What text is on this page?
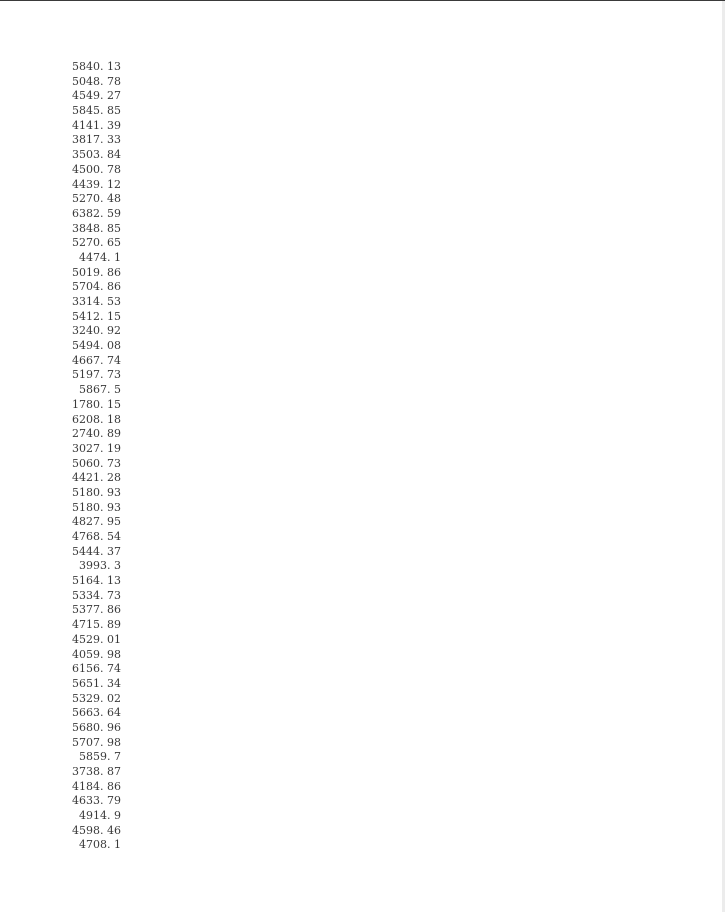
5840. 13
5048. 78
4549. 27
5845. 85
4141. 39
3817. 33
3503. 84
4500. 78
4439. 12
5270. 48
6382. 59
3848. 85
5270. 65
4474. 1
5019. 86
5704. 86
3314. 53
5412. 15
3240. 92
5494. 08
4667. 74
5197. 73
5867. 5
1780. 15
6208. 18
2740. 89
3027. 19
5060. 73
4421. 28
5180. 93
5180. 93
4827. 95
4768. 54
5444. 37
3993. 3
5164. 13
5334. 73
5377. 86
4715. 89
4529. 01
4059. 98
6156. 74
5651. 34
5329. 02
5663. 64
5680. 96
5707. 98
5859. 7
3738. 87
4184. 86
4633. 79
4914. 9
4598. 46
4708. 1
